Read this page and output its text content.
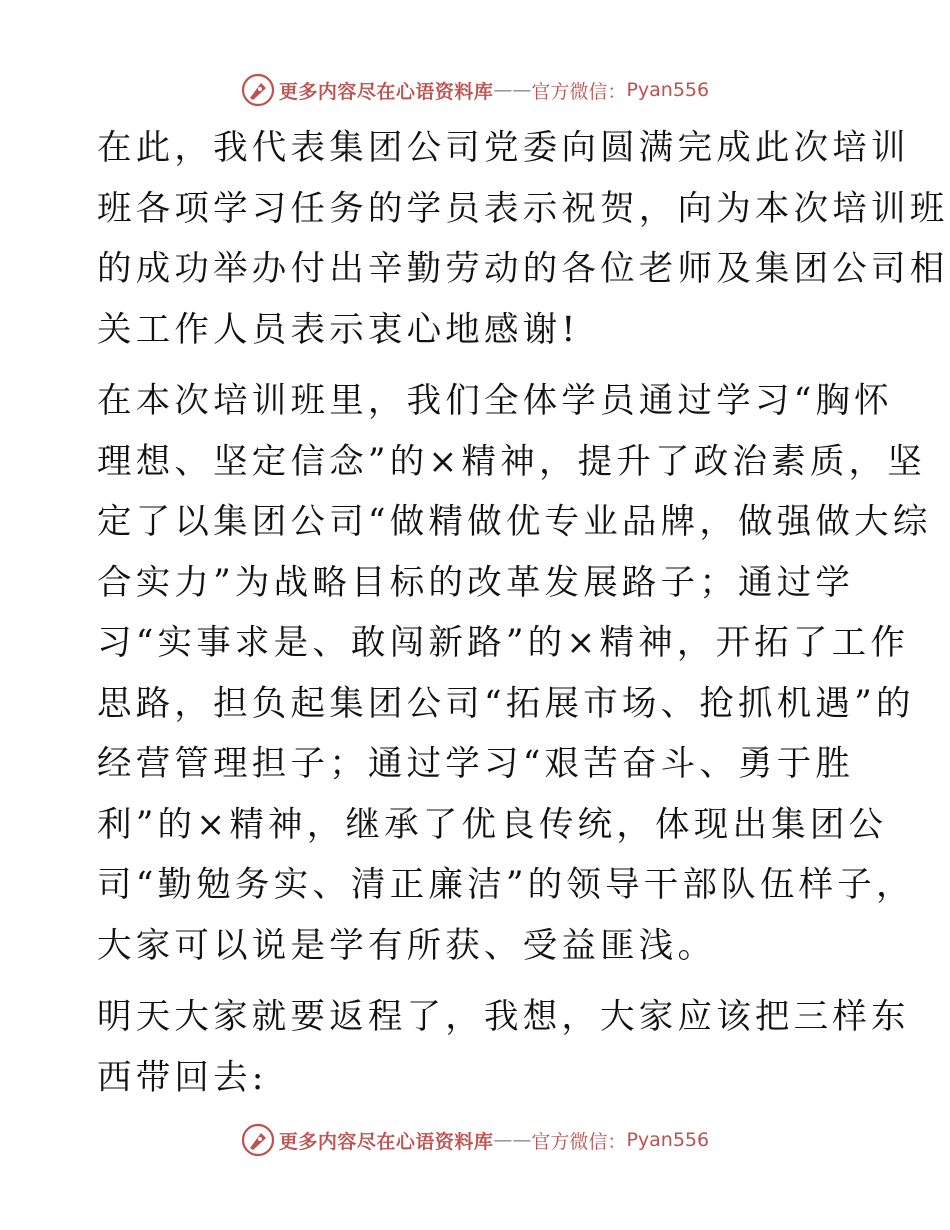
更多内容尽在心语资料库 —— 官方微信： Pyan556

在此，我代表集团公司党委向圆满完成此次培训
班各项学习任务的学员表示祝贺，向为本次培训班
的成功举办付出辛勤劳动的各位老师及集团公司相
关工作人员表示衷心地感谢!

在本次培训班里，我们全体学员通过学习“胸怀
理想、坚定信念”的×精神，提升了政治素质，坚
定了以集团公司“做精做优专业品牌，做强做大综
合实力”为战略目标的改革发展路子；通过学
习“实事求是、敢闯新路”的×精神，开拓了工作
思路，担负起集团公司“拓展市场、抢抓机遇”的
经营管理担子；通过学习“艰苦奋斗、勇于胜
利”的×精神，继承了优良传统，体现出集团公
司“勤勉务实、清正廉洁”的领导干部队伍样子，
大家可以说是学有所获、受益匪浅。

明天大家就要返程了，我想，大家应该把三样东
西带回去:

更多内容尽在心语资料库 —— 官方微信： Pyan556
